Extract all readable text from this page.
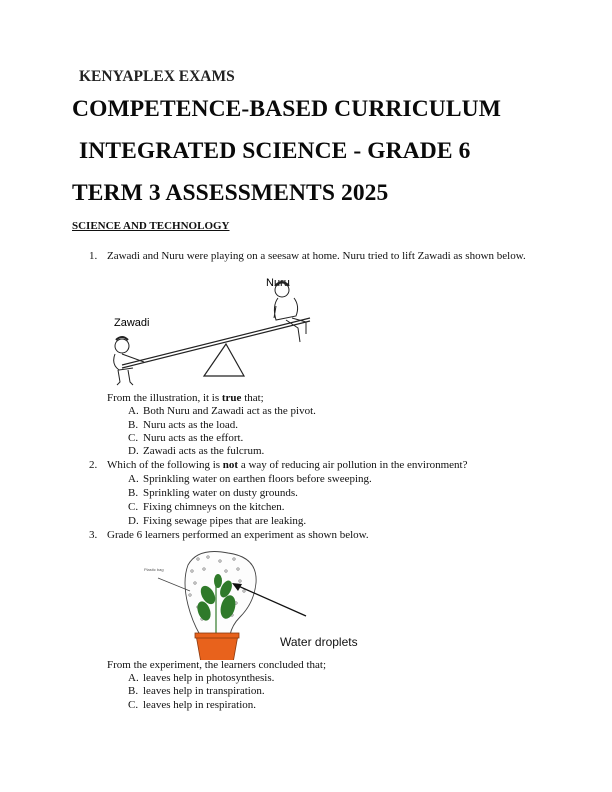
KENYAPLEX EXAMS
COMPETENCE-BASED CURRICULUM
INTEGRATED SCIENCE - GRADE 6
TERM 3 ASSESSMENTS 2025
SCIENCE AND TECHNOLOGY
1. Zawadi and Nuru were playing on a seesaw at home. Nuru tried to lift Zawadi as shown below.
Zawadi
Nuru
From the illustration, it is true that;
A. Both Nuru and Zawadi act as the pivot.
B. Nuru acts as the load.
C. Nuru acts as the effort.
D. Zawadi acts as the fulcrum.
2. Which of the following is not a way of reducing air pollution in the environment?
A. Sprinkling water on earthen floors before sweeping.
B. Sprinkling water on dusty grounds.
C. Fixing chimneys on the kitchen.
D. Fixing sewage pipes that are leaking.
3. Grade 6 learners performed an experiment as shown below.
Plastic bag
Water droplets
From the experiment, the learners concluded that;
A. leaves help in photosynthesis.
B. leaves help in transpiration.
C. leaves help in respiration.
